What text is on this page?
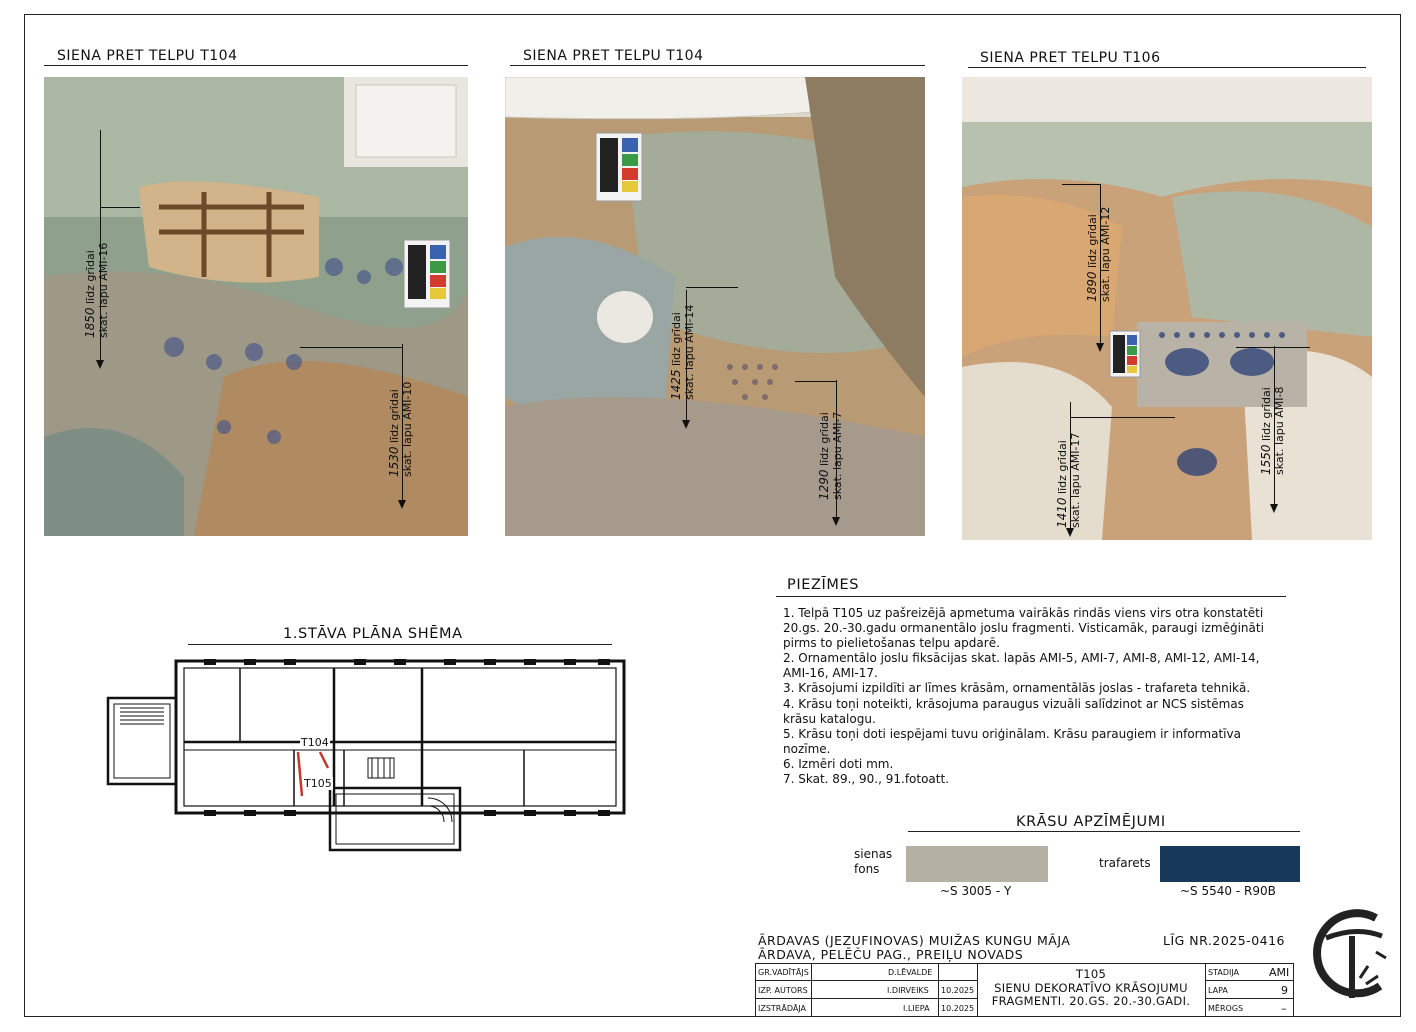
SIENA PRET TELPU T104
1850 līdz grīdai
skat. lapu AMI-16
1530 līdz grīdai
skat. lapu AMI-10
SIENA PRET TELPU T104
1425 līdz grīdai
skat. lapu AMI-14
1290 līdz grīdai
skat. lapu AMI-7
SIENA PRET TELPU T106
1890 līdz grīdai
skat. lapu AMI-12
1410 līdz grīdai
skat. lapu AMI-17	1550 līdz grīdai
skat. lapu AMI-8
1.STĀVA PLĀNA SHĒMA
T104
T105
PIEZĪMES
1. Telpā T105 uz pašreizējā apmetuma vairākās rindās viens virs otra konstatēti 20.gs. 20.-30.gadu ormanentālo joslu fragmenti. Visticamāk, paraugi izmēģināti pirms to pielietošanas telpu apdarē.
2. Ornamentālo joslu fiksācijas skat. lapās AMI-5, AMI-7, AMI-8, AMI-12, AMI-14, AMI-16, AMI-17.
3. Krāsojumi izpildīti ar līmes krāsām, ornamentālās joslas - trafareta tehnikā.
4. Krāsu toņi noteikti, krāsojuma paraugus vizuāli salīdzinot ar NCS sistēmas krāsu katalogu.
5. Krāsu toņi doti iespējami tuvu oriģinālam. Krāsu paraugiem ir informatīva nozīme.
6. Izmēri doti mm.
7. Skat. 89., 90., 91.fotoatt.
KRĀSU APZĪMĒJUMI
sienas
fons
~S 3005 - Y
trafarets
~S 5540 - R90B
ĀRDAVAS (JEZUFINOVAS) MUIŽAS KUNGU MĀJA
ĀRDAVA, PELĒČU PAG., PREIĻU NOVADS
LĪG NR.2025-0416
GR.VADĪTĀJS	D.LĒVALDE
IZP. AUTORS	I.DIRVEIKS 10.2025
IZSTRĀDĀJA	I.LIEPA 10.2025
T105
SIENU DEKORATĪVO KRĀSOJUMU
FRAGMENTI. 20.GS. 20.-30.GADI.
STADIJA	AMI
LAPA	9
MĒROGS	–
